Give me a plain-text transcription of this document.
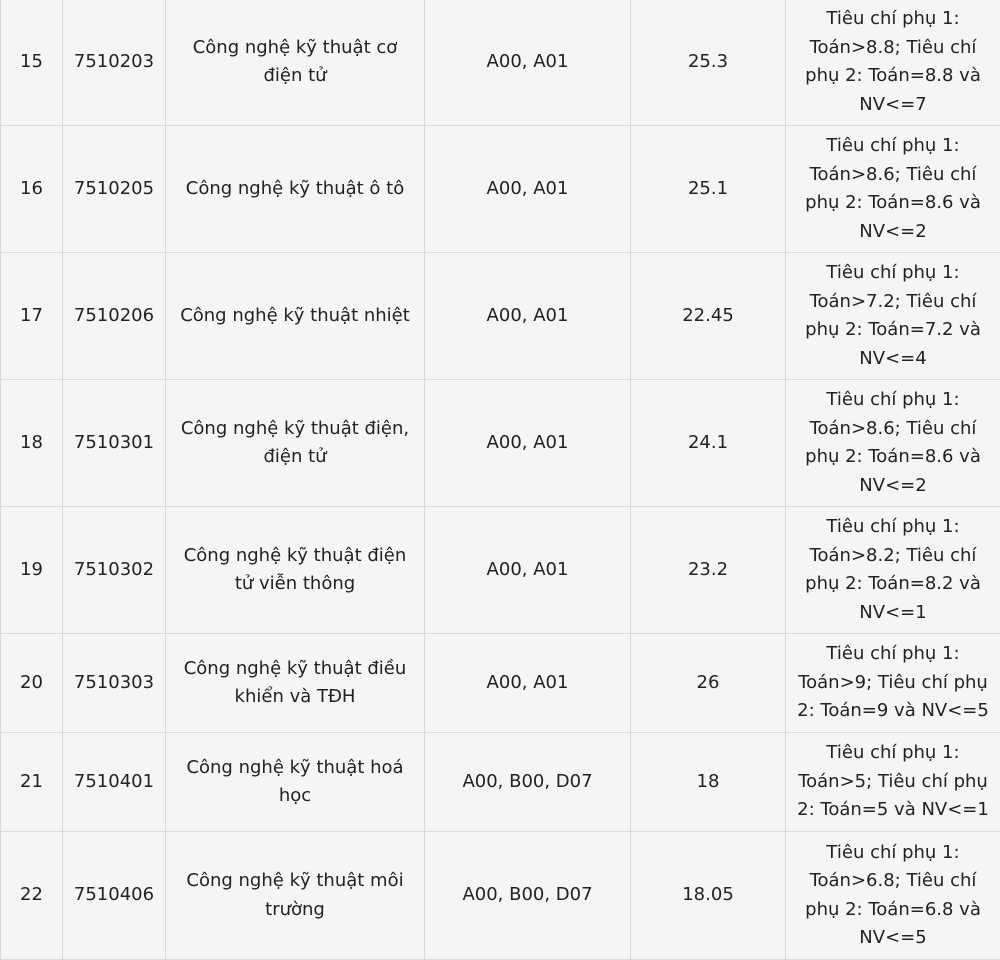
15	7510203	Công nghệ kỹ thuật cơ điện tử	A00, A01	25.3	Tiêu chí phụ 1: Toán>8.8; Tiêu chí phụ 2: Toán=8.8 và NV<=7
16	7510205	Công nghệ kỹ thuật ô tô	A00, A01	25.1	Tiêu chí phụ 1: Toán>8.6; Tiêu chí phụ 2: Toán=8.6 và NV<=2
17	7510206	Công nghệ kỹ thuật nhiệt	A00, A01	22.45	Tiêu chí phụ 1: Toán>7.2; Tiêu chí phụ 2: Toán=7.2 và NV<=4
18	7510301	Công nghệ kỹ thuật điện, điện tử	A00, A01	24.1	Tiêu chí phụ 1: Toán>8.6; Tiêu chí phụ 2: Toán=8.6 và NV<=2
19	7510302	Công nghệ kỹ thuật điện tử viễn thông	A00, A01	23.2	Tiêu chí phụ 1: Toán>8.2; Tiêu chí phụ 2: Toán=8.2 và NV<=1
20	7510303	Công nghệ kỹ thuật điều khiển và TĐH	A00, A01	26	Tiêu chí phụ 1: Toán>9; Tiêu chí phụ 2: Toán=9 và NV<=5
21	7510401	Công nghệ kỹ thuật hoá học	A00, B00, D07	18	Tiêu chí phụ 1: Toán>5; Tiêu chí phụ 2: Toán=5 và NV<=1
22	7510406	Công nghệ kỹ thuật môi trường	A00, B00, D07	18.05	Tiêu chí phụ 1: Toán>6.8; Tiêu chí phụ 2: Toán=6.8 và NV<=5
